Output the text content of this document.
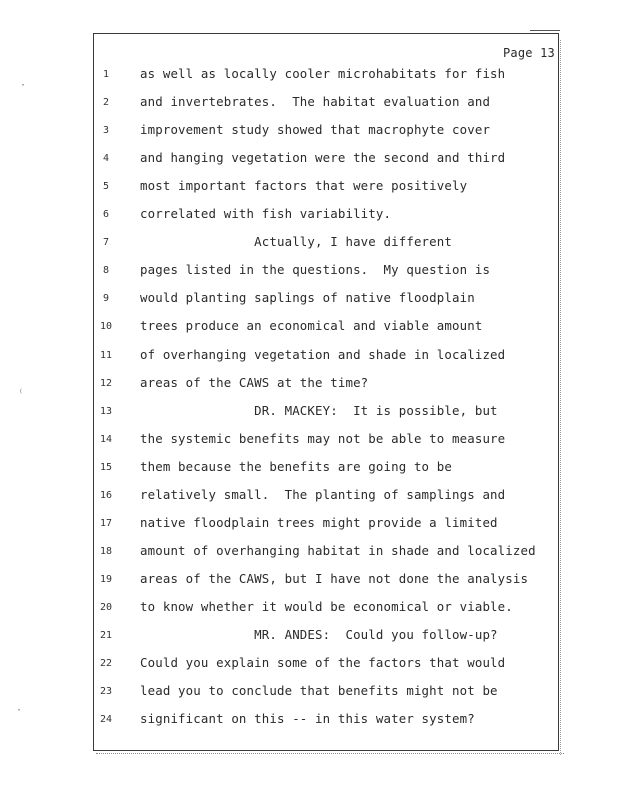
·
⁽
·
Page 13
1	as well as locally cooler microhabitats for fish
2	and invertebrates.  The habitat evaluation and
3	improvement study showed that macrophyte cover
4	and hanging vegetation were the second and third
5	most important factors that were positively
6	correlated with fish variability.
7	Actually, I have different
8	pages listed in the questions.  My question is
9	would planting saplings of native floodplain
10	trees produce an economical and viable amount
11	of overhanging vegetation and shade in localized
12	areas of the CAWS at the time?
13	DR. MACKEY:  It is possible, but
14	the systemic benefits may not be able to measure
15	them because the benefits are going to be
16	relatively small.  The planting of samplings and
17	native floodplain trees might provide a limited
18	amount of overhanging habitat in shade and localized
19	areas of the CAWS, but I have not done the analysis
20	to know whether it would be economical or viable.
21	MR. ANDES:  Could you follow-up?
22	Could you explain some of the factors that would
23	lead you to conclude that benefits might not be
24	significant on this -- in this water system?
